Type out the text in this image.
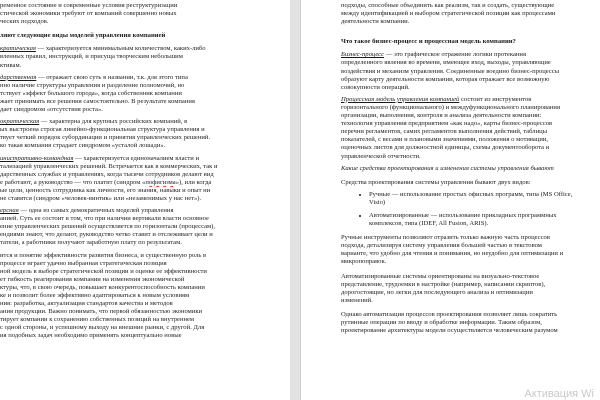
ременное состояние и современные условия реструктуризации
стической экономики требуют от компаний совершенно новых
ческих подходов.

ляют следующие виды моделей управления компанией

кратическая — характеризуется минимальным количеством, каких-либо
вленных правил, инструкций, и присуща творческим небольшим
ктивам.
дарственная — отражает свою суть в названии, т.к. для этого типа
нно наличие структуры управления и разделение полномочий, но
тствует «эффект большого города», когда собственник компании
жает принимать все решения самостоятельно. В результате компания
дает синдромом «отсутствия роста».
ократическая — характерна для крупных российских компаний, в
ых выстроена строгая линейно-функциональная структура управления и
твует четкий порядок субординации и принятия управленческих решений.
ко такая компания страдает синдромом «усталой лошади».
инистративно-командная — характеризуется единоначалием власти и
тализацией управленческих решений. Встречается как в коммерческих, так и
дарственных службах и управлениях, когда тысячи сотрудников делают вид
е работают, а руководство — что платит (синдром «пофигизма»), или когда
ые цели, ценность сотрудника как личности, его знания, навыки и опыт ни
не ставятся (синдром «человек-винтик» или «незаменимых у нас нет»).
ерсная — одна из самых демократичных моделей управления
анией. Суть ее состоит в том, что при наличии вертикали власти основное
ение управленческих решений осуществляется по горизонтали (процессам),
ендиями знают, что делают, руководство четко ставит и отслеживает цели и
татели, а работники получают заработную плату по результатам.
ится и понятие эффективности развития бизнеса, и существенную роль в
процессе играет удачно выбранная стратегическая позиция
ной модель в выборе стратегической позиции и оценке ее эффективности
ет гибкость реагирования компании на изменения экономической
ктуры, что, в свою очередь, повышает конкурентоспособность компании
ке и позволит более эффективно адаптироваться к новым условиям
ния: разработка, актуализация стандартов качества и методов
ания продукции. Важно понимать, что первой обязанностью экономики
тирует компании к сохранению собственных позиций на внутреннем
с одной стороны, и успешному выходу на внешние рынки, с другой. Для
ия подобных задач необходимо применять концептуально новые
подходы, способные объединить как реализм, так и создать, существующие
между идентификацией и выбором стратегической позиции как процессами
деятельности компании.

Что такое бизнес-процесс и процессная модель компании?

Бизнес-процесс — это графическое отражение логики протекания
определенного явления во времени, имеющее вход, выходы, управляющие
воздействия и механизм управления. Соединенные воедино бизнес-процессы
образуют карту деятельности компании, которая отражает все возможную
совокупности операций.
Процессная модель управления компанией состоит из инструментов
горизонтального (функционального) и междуфункционального планирования
организации, выполнения, контроля и анализа деятельности компании:
технология управления предприятием «как надо», карты бизнес-процессов
перечни регламентов, самих регламентов выполнения действий, таблицы
показателей, с весами и плановыми значениями, положения о мотивации,
оценочных листов для должностной единицы, схемы документооборота и
управленческой отчетности.

Какие средства проектирования и изменения системы управления бывают

Средства проектирования системы управления бывают двух видов:

• Ручные — использование простых офисных программ, типа (MS Office,
Visio)
• Автоматизированные — использование прикладных программных
комплексов, типа (IDEF, All Fusion, ARIS).
Ручные инструменты позволяют отразить только важную часть процессов
подхода, детализируя систему управления большей частью в текстовом
варианте, что удобно для чтения и понимания, но неудобно для оптимизации и
микропоправок.
Автоматизированные системы ориентированы на визуально-текстовое
представление, трудоемки в настройке (например, написании скриптов),
дорогостоящие, но легки для последующего анализа и оптимизации
изменений.
Однако автоматизация процессов проектирования позволяет лишь сократить
рутинные операции по вводу и обработке информации. Таким образом,
проектирование архитектуры модели осуществляется человеческим разумом
Активация Wi
